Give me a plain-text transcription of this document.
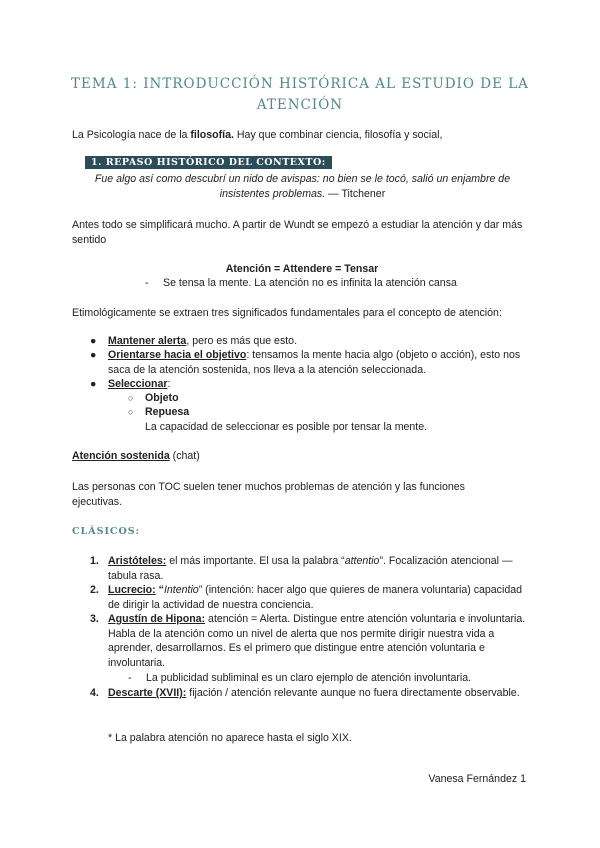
TEMA 1: INTRODUCCIÓN HISTÓRICA AL ESTUDIO DE LA ATENCIÓN
La Psicología nace de la filosofía. Hay que combinar ciencia, filosofía y social,
1. REPASO HISTÓRICO DEL CONTEXTO:
Fue algo así como descubrí un nido de avispas: no bien se le tocó, salió un enjambre de insistentes problemas. — Titchener
Antes todo se simplificará mucho. A partir de Wundt se empezó a estudiar la atención y dar más sentido
Atención = Attendere = Tensar
- Se tensa la mente. La atención no es infinita la atención cansa
Etimológicamente se extraen tres significados fundamentales para el concepto de atención:
● Mantener alerta, pero es más que esto.
● Orientarse hacia el objetivo: tensamos la mente hacia algo (objeto o acción), esto nos saca de la atención sostenida, nos lleva a la atención seleccionada.
● Seleccionar:
○ Objeto
○ Repuesa
La capacidad de seleccionar es posible por tensar la mente.
Atención sostenida (chat)
Las personas con TOC suelen tener muchos problemas de atención y las funciones ejecutivas.
CLÁSICOS:
1. Aristóteles: el más importante. El usa la palabra “attentio”. Focalización atencional — tabula rasa.
2. Lucrecio: “Intentio” (intención: hacer algo que quieres de manera voluntaria) capacidad de dirigir la actividad de nuestra conciencia.
3. Agustín de Hipona: atención = Alerta. Distingue entre atención voluntaria e involuntaria. Habla de la atención como un nivel de alerta que nos permite dirigir nuestra vida a aprender, desarrollarnos. Es el primero que distingue entre atención voluntaria e involuntaria.
- La publicidad subliminal es un claro ejemplo de atención involuntaria.
4. Descarte (XVII): fijación / atención relevante aunque no fuera directamente observable.
* La palabra atención no aparece hasta el siglo XIX.
Vanesa Fernández 1
